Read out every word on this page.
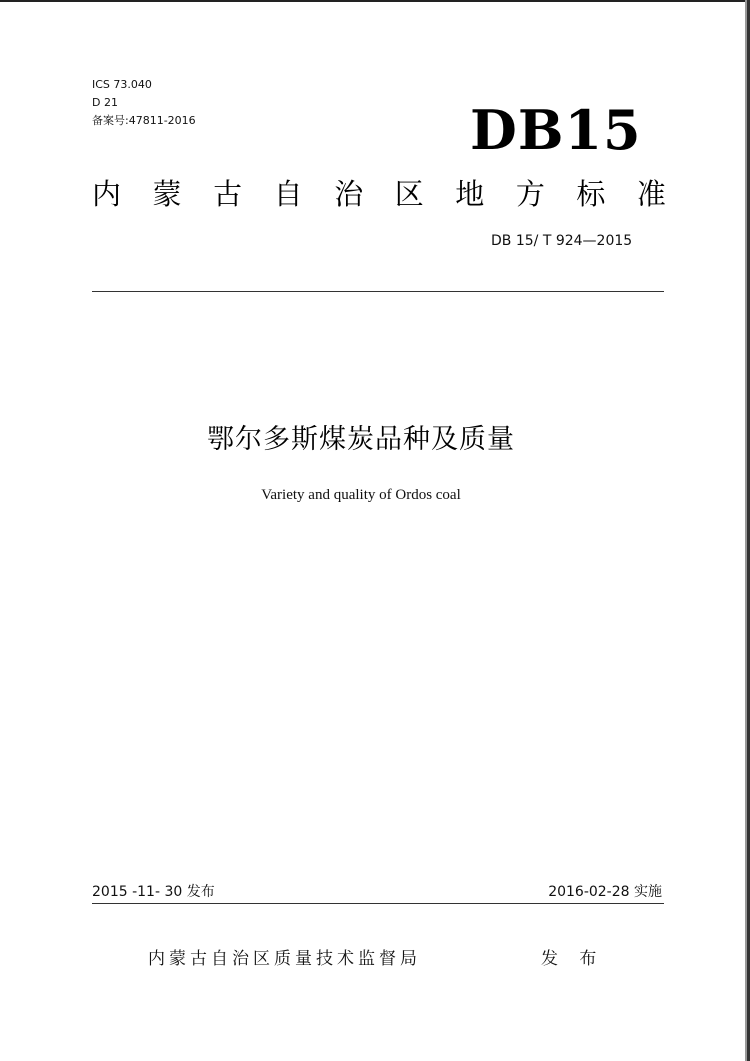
ICS 73.040
D 21
备案号:47811-2016	DB15
内 蒙 古 自 治 区 地 方 标 准
DB 15/ T 924—2015
鄂尔多斯煤炭品种及质量
Variety and quality of Ordos coal
2015 -11- 30 发布	2016-02-28 实施
内蒙古自治区质量技术监督局	发 布
